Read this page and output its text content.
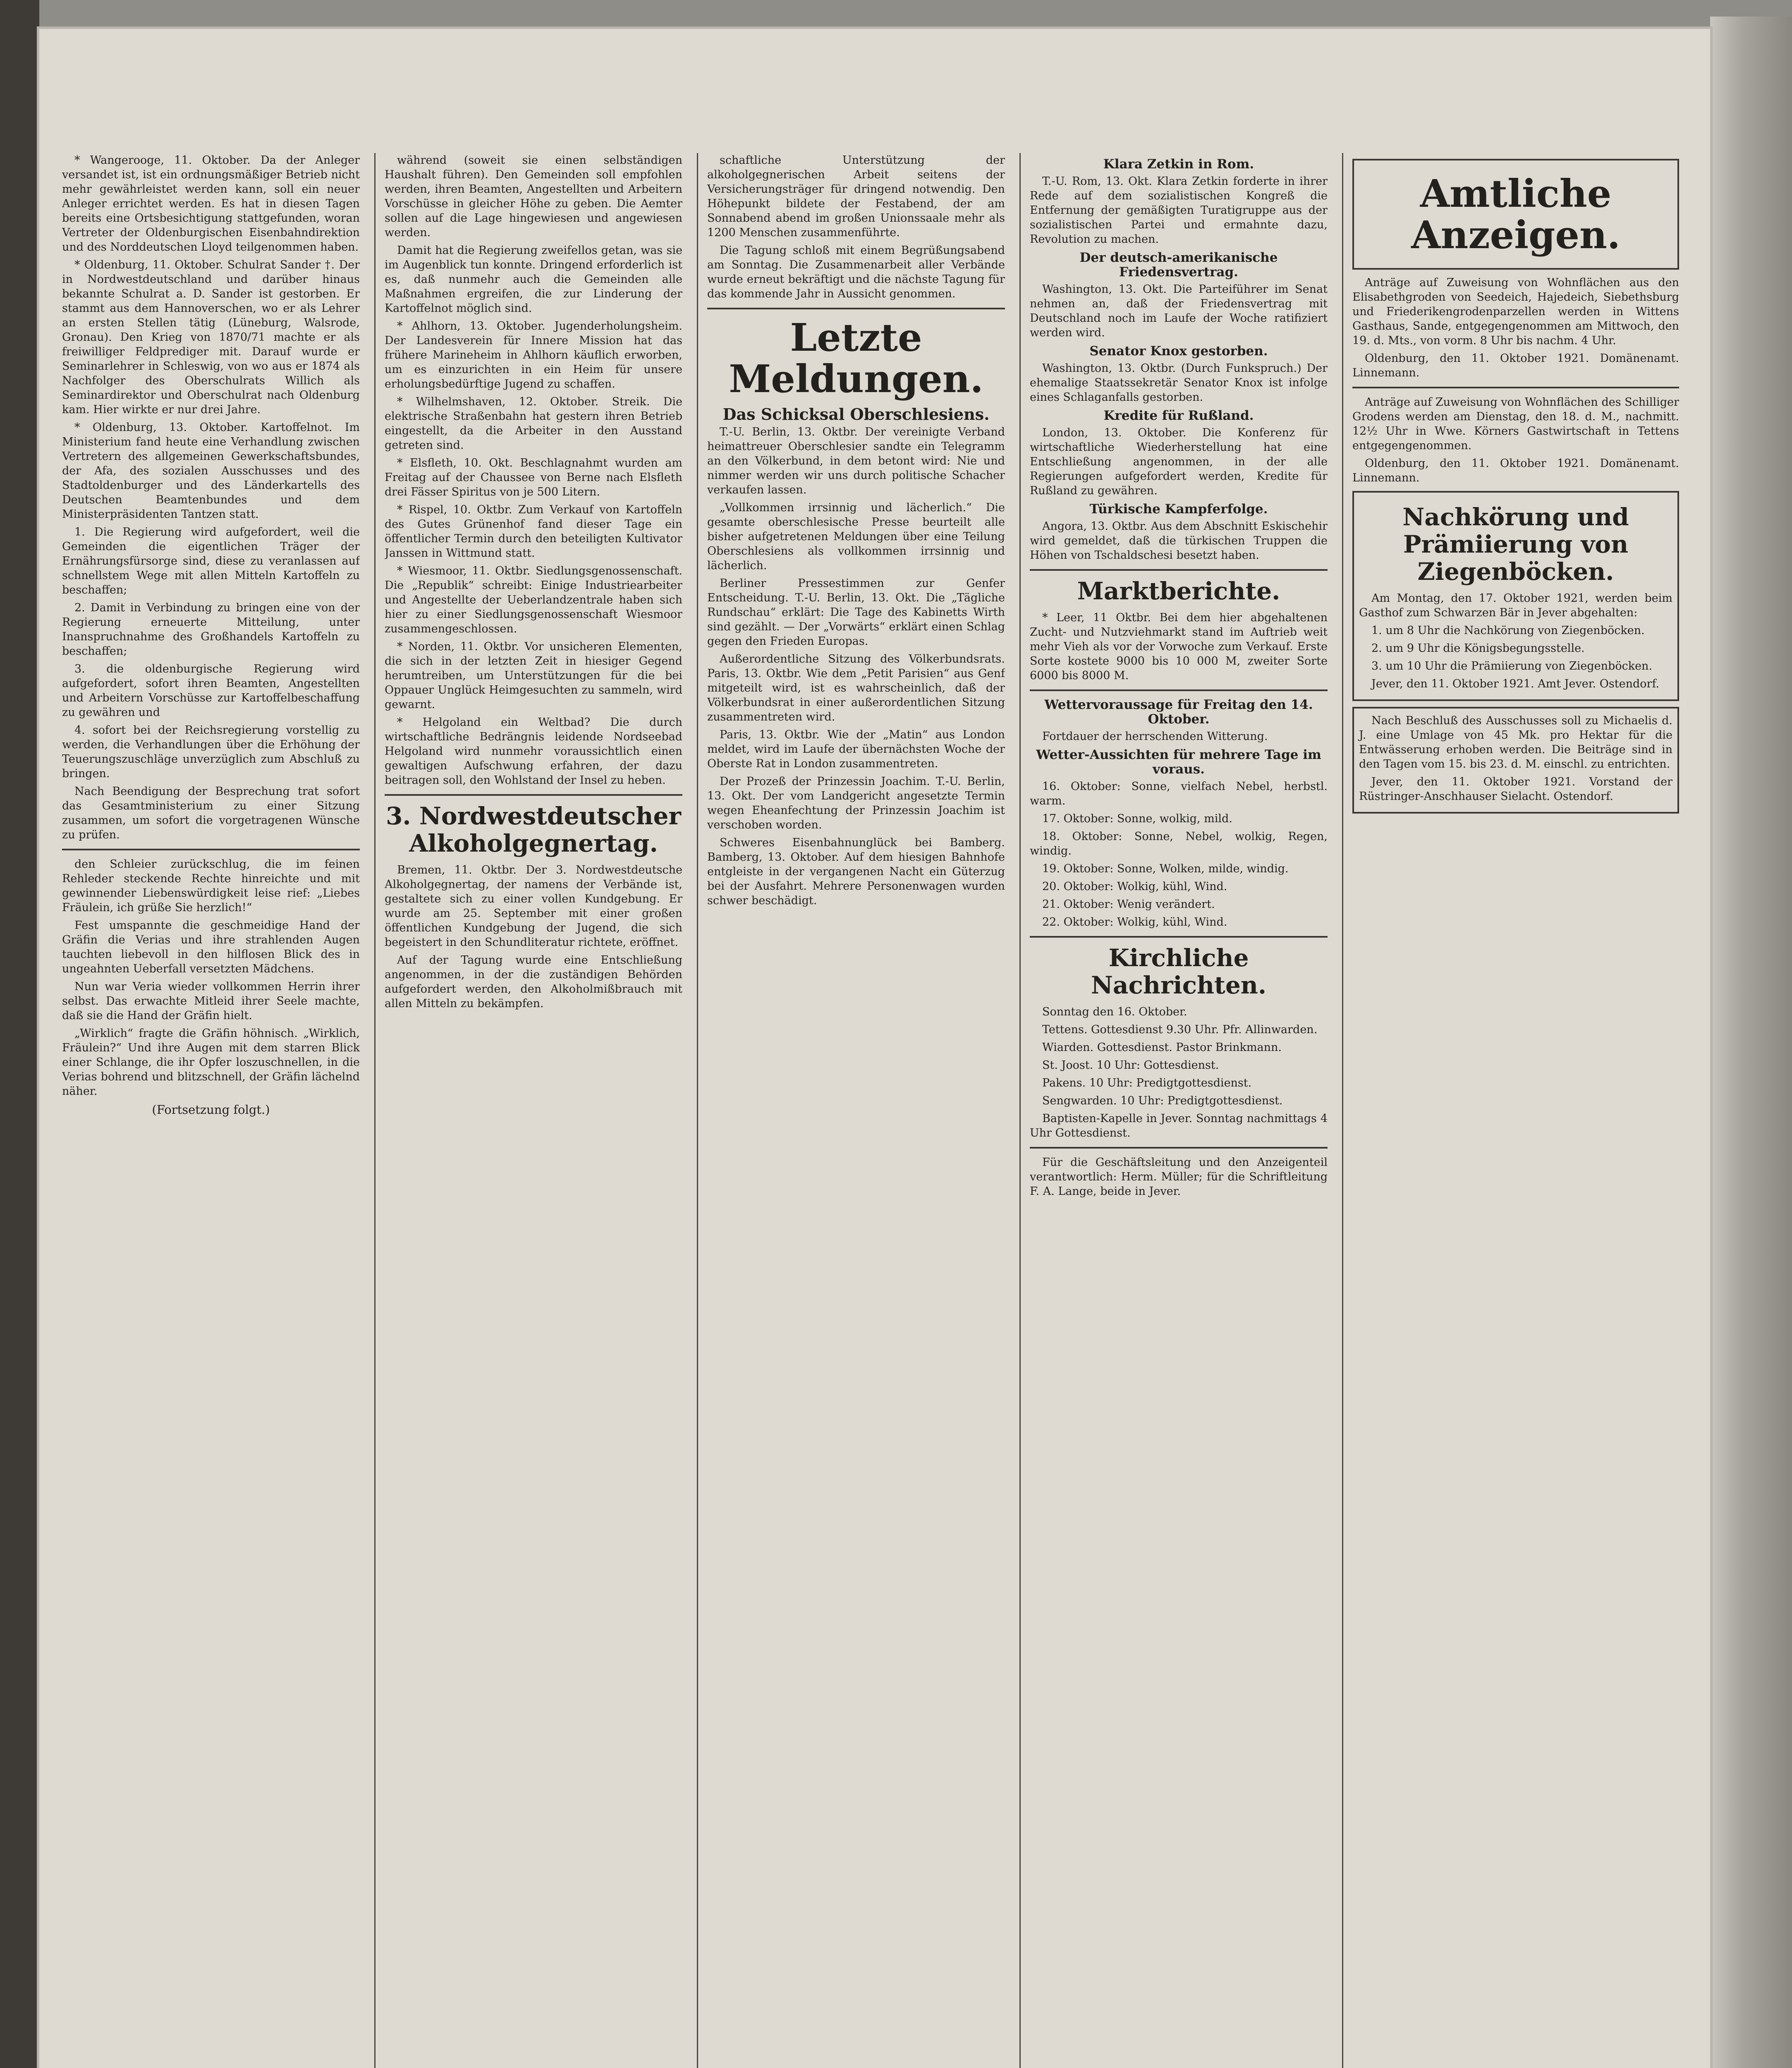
* Wangerooge, 11. Oktober. Da der Anleger versandet ist, ist ein ordnungsmäßiger Betrieb nicht mehr gewährleistet werden kann, soll ein neuer Anleger errichtet werden. Es hat in diesen Tagen bereits eine Ortsbesichtigung stattgefunden, woran Vertreter der Oldenburgischen Eisenbahndirektion und des Norddeutschen Lloyd teilgenommen haben.

* Oldenburg, 11. Oktober. Schulrat Sander †. Der in Nordwestdeutschland und darüber hinaus bekannte Schulrat a. D. Sander ist gestorben. Er stammt aus dem Hannoverschen, wo er als Lehrer an ersten Stellen tätig (Lüneburg, Walsrode, Gronau). Den Krieg von 1870/71 machte er als freiwilliger Feldprediger mit. Darauf wurde er Seminarlehrer in Schleswig, von wo aus er 1874 als Nachfolger des Oberschulrats Willich als Seminardirektor und Oberschulrat nach Oldenburg kam. Hier wirkte er nur drei Jahre.

* Oldenburg, 13. Oktober. Kartoffelnot. Im Ministerium fand heute eine Verhandlung zwischen Vertretern des allgemeinen Gewerkschaftsbundes, der Afa, des sozialen Ausschusses und des Stadtoldenburger und des Länderkartells des Deutschen Beamtenbundes und dem Ministerpräsidenten Tantzen statt.

1. Die Regierung wird aufgefordert, weil die Gemeinden die eigentlichen Träger der Ernährungsfürsorge sind, diese zu veranlassen auf schnellstem Wege mit allen Mitteln Kartoffeln zu beschaffen;

2. Damit in Verbindung zu bringen eine von der Regierung erneuerte Mitteilung, unter Inanspruchnahme des Großhandels Kartoffeln zu beschaffen;

3. die oldenburgische Regierung wird aufgefordert, sofort ihren Beamten, Angestellten und Arbeitern Vorschüsse zur Kartoffelbeschaffung zu gewähren und

4. sofort bei der Reichsregierung vorstellig zu werden, die Verhandlungen über die Erhöhung der Teuerungszuschläge unverzüglich zum Abschluß zu bringen.

Nach Beendigung der Besprechung trat sofort das Gesamtministerium zu einer Sitzung zusammen, um sofort die vorgetragenen Wünsche zu prüfen.

den Schleier zurückschlug, die im feinen Rehleder steckende Rechte hinreichte und mit gewinnender Liebenswürdigkeit leise rief: „Liebes Fräulein, ich grüße Sie herzlich!“

Fest umspannte die geschmeidige Hand der Gräfin die Verias und ihre strahlenden Augen tauchten liebevoll in den hilflosen Blick des in ungeahnten Ueberfall versetzten Mädchens.

Nun war Veria wieder vollkommen Herrin ihrer selbst. Das erwachte Mitleid ihrer Seele machte, daß sie die Hand der Gräfin hielt.

„Wirklich“ fragte die Gräfin höhnisch. „Wirklich, Fräulein?“ Und ihre Augen mit dem starren Blick einer Schlange, die ihr Opfer loszuschnellen, in die Verias bohrend und blitzschnell, der Gräfin lächelnd näher.

(Fortsetzung folgt.)

während (soweit sie einen selbständigen Haushalt führen). Den Gemeinden soll empfohlen werden, ihren Beamten, Angestellten und Arbeitern Vorschüsse in gleicher Höhe zu geben. Die Aemter sollen auf die Lage hingewiesen und angewiesen werden.

Damit hat die Regierung zweifellos getan, was sie im Augenblick tun konnte. Dringend erforderlich ist es, daß nunmehr auch die Gemeinden alle Maßnahmen ergreifen, die zur Linderung der Kartoffelnot möglich sind.

* Ahlhorn, 13. Oktober. Jugenderholungsheim. Der Landesverein für Innere Mission hat das frühere Marineheim in Ahlhorn käuflich erworben, um es einzurichten in ein Heim für unsere erholungsbedürftige Jugend zu schaffen.

* Wilhelmshaven, 12. Oktober. Streik. Die elektrische Straßenbahn hat gestern ihren Betrieb eingestellt, da die Arbeiter in den Ausstand getreten sind.

* Elsfleth, 10. Okt. Beschlagnahmt wurden am Freitag auf der Chaussee von Berne nach Elsfleth drei Fässer Spiritus von je 500 Litern.

* Rispel, 10. Oktbr. Zum Verkauf von Kartoffeln des Gutes Grünenhof fand dieser Tage ein öffentlicher Termin durch den beteiligten Kultivator Janssen in Wittmund statt.

* Wiesmoor, 11. Oktbr. Siedlungsgenossenschaft. Die „Republik“ schreibt: Einige Industriearbeiter und Angestellte der Ueberlandzentrale haben sich hier zu einer Siedlungsgenossenschaft Wiesmoor zusammengeschlossen.

* Norden, 11. Oktbr. Vor unsicheren Elementen, die sich in der letzten Zeit in hiesiger Gegend herumtreiben, um Unterstützungen für die bei Oppauer Unglück Heimgesuchten zu sammeln, wird gewarnt.

* Helgoland ein Weltbad? Die durch wirtschaftliche Bedrängnis leidende Nordseebad Helgoland wird nunmehr voraussichtlich einen gewaltigen Aufschwung erfahren, der dazu beitragen soll, den Wohlstand der Insel zu heben.

3. Nordwestdeutscher Alkoholgegnertag.

Bremen, 11. Oktbr. Der 3. Nordwestdeutsche Alkoholgegnertag, der namens der Verbände ist, gestaltete sich zu einer vollen Kundgebung. Er wurde am 25. September mit einer großen öffentlichen Kundgebung der Jugend, die sich begeistert in den Schundliteratur richtete, eröffnet.

Auf der Tagung wurde eine Entschließung angenommen, in der die zuständigen Behörden aufgefordert werden, den Alkoholmißbrauch mit allen Mitteln zu bekämpfen.

schaftliche Unterstützung der alkoholgegnerischen Arbeit seitens der Versicherungsträger für dringend notwendig. Den Höhepunkt bildete der Festabend, der am Sonnabend abend im großen Unionssaale mehr als 1200 Menschen zusammenführte.

Die Tagung schloß mit einem Begrüßungsabend am Sonntag. Die Zusammenarbeit aller Verbände wurde erneut bekräftigt und die nächste Tagung für das kommende Jahr in Aussicht genommen.

Letzte Meldungen.
Das Schicksal Oberschlesiens.

T.-U. Berlin, 13. Oktbr. Der vereinigte Verband heimattreuer Oberschlesier sandte ein Telegramm an den Völkerbund, in dem betont wird: Nie und nimmer werden wir uns durch politische Schacher verkaufen lassen.

„Vollkommen irrsinnig und lächerlich.“ Die gesamte oberschlesische Presse beurteilt alle bisher aufgetretenen Meldungen über eine Teilung Oberschlesiens als vollkommen irrsinnig und lächerlich.

Berliner Pressestimmen zur Genfer Entscheidung. T.-U. Berlin, 13. Okt. Die „Tägliche Rundschau“ erklärt: Die Tage des Kabinetts Wirth sind gezählt. — Der „Vorwärts“ erklärt einen Schlag gegen den Frieden Europas.

Außerordentliche Sitzung des Völkerbundsrats. Paris, 13. Oktbr. Wie dem „Petit Parisien“ aus Genf mitgeteilt wird, ist es wahrscheinlich, daß der Völkerbundsrat in einer außerordentlichen Sitzung zusammentreten wird.

Paris, 13. Oktbr. Wie der „Matin“ aus London meldet, wird im Laufe der übernächsten Woche der Oberste Rat in London zusammentreten.

Der Prozeß der Prinzessin Joachim. T.-U. Berlin, 13. Okt. Der vom Landgericht angesetzte Termin wegen Eheanfechtung der Prinzessin Joachim ist verschoben worden.

Schweres Eisenbahnunglück bei Bamberg. Bamberg, 13. Oktober. Auf dem hiesigen Bahnhofe entgleiste in der vergangenen Nacht ein Güterzug bei der Ausfahrt. Mehrere Personenwagen wurden schwer beschädigt.

Klara Zetkin in Rom.

T.-U. Rom, 13. Okt. Klara Zetkin forderte in ihrer Rede auf dem sozialistischen Kongreß die Entfernung der gemäßigten Turatigruppe aus der sozialistischen Partei und ermahnte dazu, Revolution zu machen.

Der deutsch-amerikanische Friedensvertrag.

Washington, 13. Okt. Die Parteiführer im Senat nehmen an, daß der Friedensvertrag mit Deutschland noch im Laufe der Woche ratifiziert werden wird.

Senator Knox gestorben.

Washington, 13. Oktbr. (Durch Funkspruch.) Der ehemalige Staatssekretär Senator Knox ist infolge eines Schlaganfalls gestorben.

Kredite für Rußland.

London, 13. Oktober. Die Konferenz für wirtschaftliche Wiederherstellung hat eine Entschließung angenommen, in der alle Regierungen aufgefordert werden, Kredite für Rußland zu gewähren.

Türkische Kampferfolge.

Angora, 13. Oktbr. Aus dem Abschnitt Eskischehir wird gemeldet, daß die türkischen Truppen die Höhen von Tschaldschesi besetzt haben.

Marktberichte.

* Leer, 11 Oktbr. Bei dem hier abgehaltenen Zucht- und Nutzviehmarkt stand im Auftrieb weit mehr Vieh als vor der Vorwoche zum Verkauf. Erste Sorte kostete 9000 bis 10 000 M, zweiter Sorte 6000 bis 8000 M.

Wettervoraussage für Freitag den 14. Oktober.

Fortdauer der herrschenden Witterung.

Wetter-Aussichten für mehrere Tage im voraus.

16. Oktober: Sonne, vielfach Nebel, herbstl. warm.

17. Oktober: Sonne, wolkig, mild.

18. Oktober: Sonne, Nebel, wolkig, Regen, windig.

19. Oktober: Sonne, Wolken, milde, windig.

20. Oktober: Wolkig, kühl, Wind.

21. Oktober: Wenig verändert.

22. Oktober: Wolkig, kühl, Wind.

Kirchliche Nachrichten.

Sonntag den 16. Oktober.

Tettens. Gottesdienst 9.30 Uhr. Pfr. Allinwarden.

Wiarden. Gottesdienst. Pastor Brinkmann.

St. Joost. 10 Uhr: Gottesdienst.

Pakens. 10 Uhr: Predigtgottesdienst.

Sengwarden. 10 Uhr: Predigtgottesdienst.

Baptisten-Kapelle in Jever. Sonntag nachmittags 4 Uhr Gottesdienst.

Für die Geschäftsleitung und den Anzeigenteil verantwortlich: Herm. Müller; für die Schriftleitung F. A. Lange, beide in Jever.

Amtliche Anzeigen.

Anträge auf Zuweisung von Wohnflächen aus den Elisabethgroden von Seedeich, Hajedeich, Siebethsburg und Friederikengrodenparzellen werden in Wittens Gasthaus, Sande, entgegengenommen am Mittwoch, den 19. d. Mts., von vorm. 8 Uhr bis nachm. 4 Uhr.

Oldenburg, den 11. Oktober 1921. Domänenamt. Linnemann.

Anträge auf Zuweisung von Wohnflächen des Schilliger Grodens werden am Dienstag, den 18. d. M., nachmitt. 12½ Uhr in Wwe. Körners Gastwirtschaft in Tettens entgegengenommen.

Oldenburg, den 11. Oktober 1921. Domänenamt. Linnemann.

Nachkörung und Prämiierung von Ziegenböcken.

Am Montag, den 17. Oktober 1921, werden beim Gasthof zum Schwarzen Bär in Jever abgehalten:

1. um 8 Uhr die Nachkörung von Ziegenböcken.

2. um 9 Uhr die Königsbegungsstelle.

3. um 10 Uhr die Prämiierung von Ziegenböcken.

Jever, den 11. Oktober 1921. Amt Jever. Ostendorf.

Nach Beschluß des Ausschusses soll zu Michaelis d. J. eine Umlage von 45 Mk. pro Hektar für die Entwässerung erhoben werden. Die Beiträge sind in den Tagen vom 15. bis 23. d. M. einschl. zu entrichten.

Jever, den 11. Oktober 1921. Vorstand der Rüstringer-Anschhauser Sielacht. Ostendorf.
